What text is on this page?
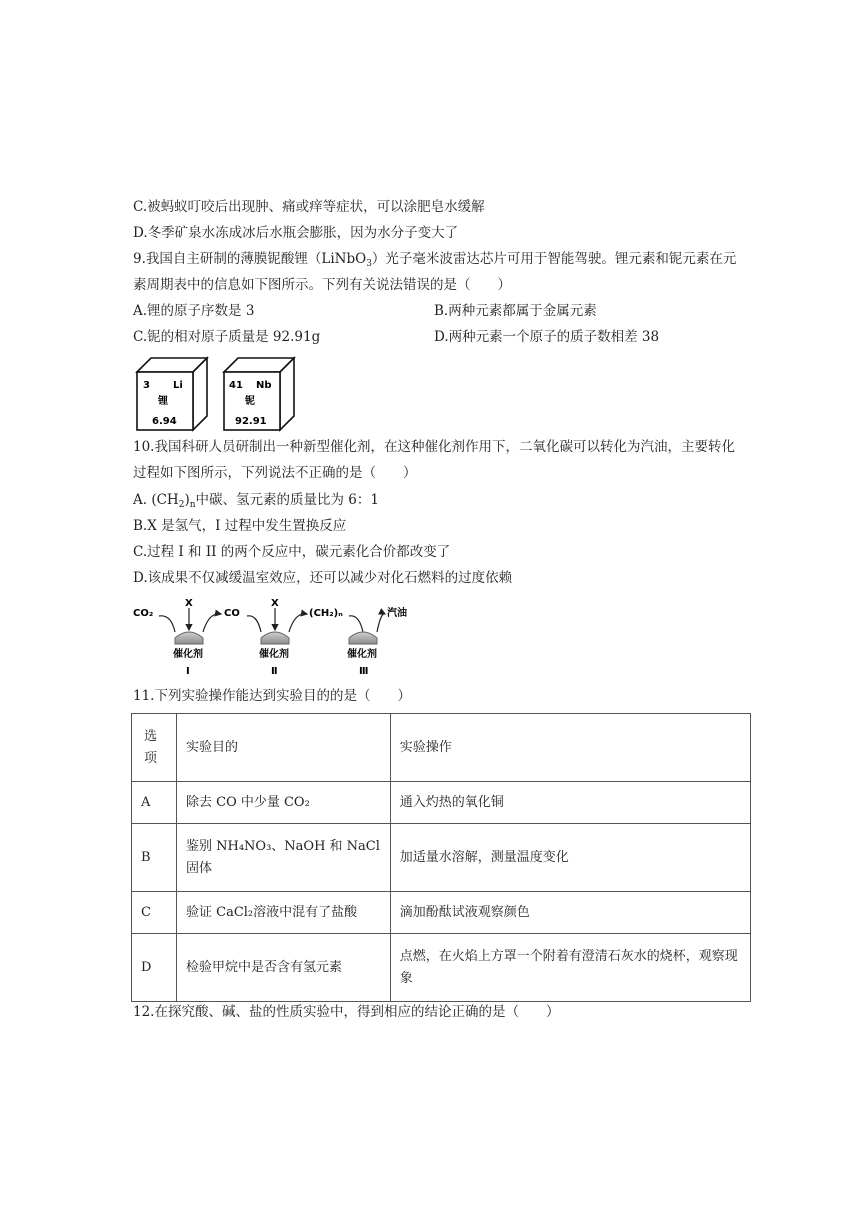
C.被蚂蚁叮咬后出现肿、痛或痒等症状，可以涂肥皂水缓解
D.冬季矿泉水冻成冰后水瓶会膨胀，因为水分子变大了
9.我国自主研制的薄膜铌酸锂（LiNbO$_3$）光子毫米波雷达芯片可用于智能驾驶。锂元素和铌元素在元
素周期表中的信息如下图所示。下列有关说法错误的是（　　）
A.锂的原子序数是 3	B.两种元素都属于金属元素
C.铌的相对原子质量是 92.91g	D.两种元素一个原子的质子数相差 38
3 Li
锂
6.94
41 Nb
铌
92.91
10.我国科研人员研制出一种新型催化剂，在这种催化剂作用下，二氧化碳可以转化为汽油，主要转化
过程如下图所示，下列说法不正确的是（　　）
A. $(CH_2)_n$中碳、氢元素的质量比为 6：1
B.X 是氢气，I 过程中发生置换反应
C.过程 I 和 II 的两个反应中，碳元素化合价都改变了
D.该成果不仅减缓温室效应，还可以减少对化石燃料的过度依赖
CO₂	CO	(CH₂)ₙ	汽油
X	X
催化剂	催化剂	催化剂
I	Ⅱ	Ⅲ
11.下列实验操作能达到实验目的的是（　　）
选项	实验目的	实验操作
A	除去 CO 中少量 CO₂	通入灼热的氧化铜
B	鉴别 NH₄NO₃、NaOH 和 NaCl 固体	加适量水溶解，测量温度变化
C	验证 CaCl₂溶液中混有了盐酸	滴加酚酞试液观察颜色
D	检验甲烷中是否含有氢元素	点燃，在火焰上方罩一个附着有澄清石灰水的烧杯，观察现象
12.在探究酸、碱、盐的性质实验中，得到相应的结论正确的是（　　）
